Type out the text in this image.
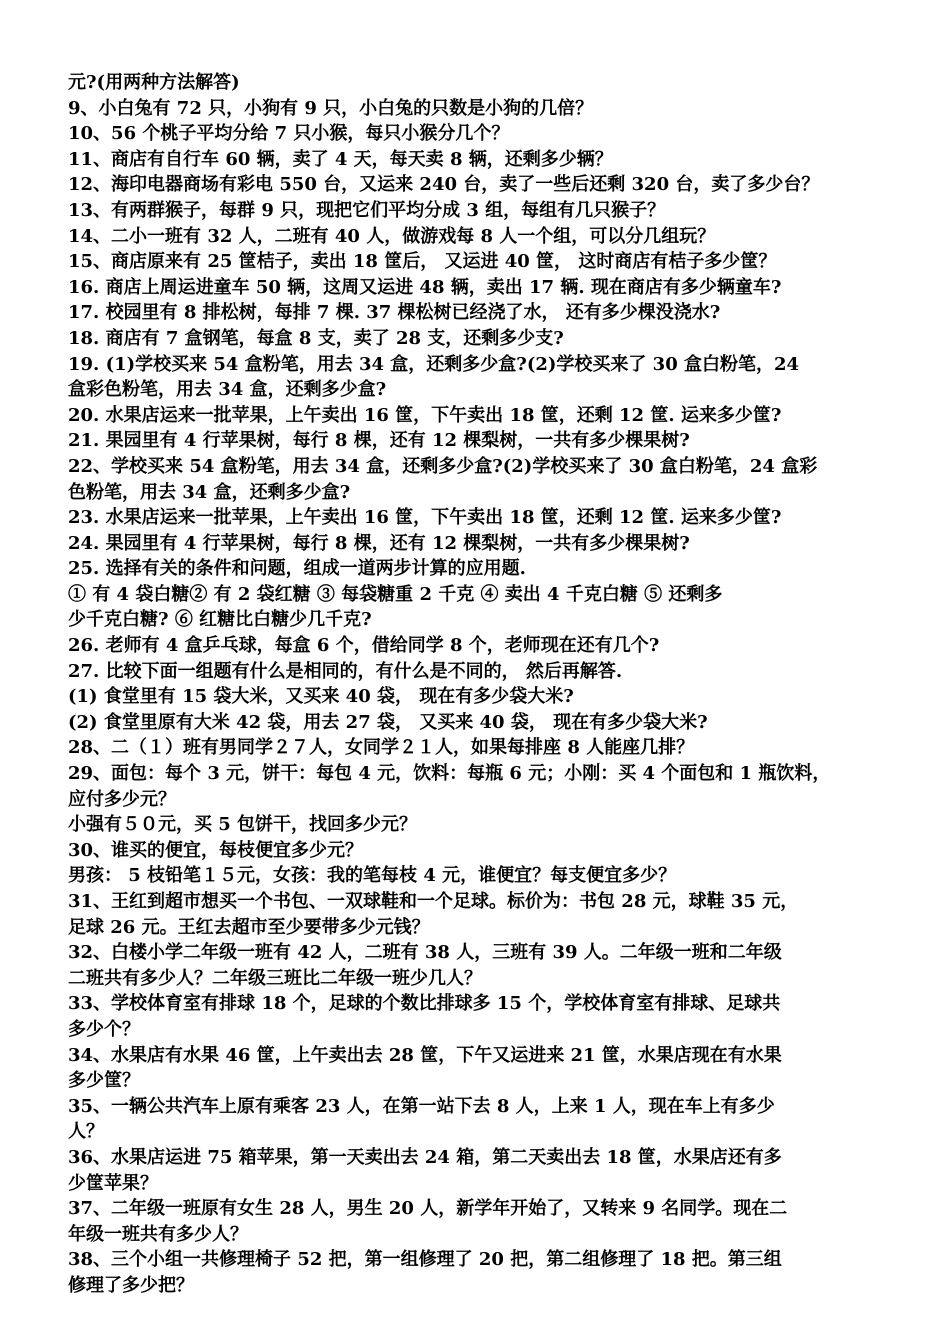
元?(用两种方法解答)
9、小白兔有 72 只，小狗有 9 只，小白兔的只数是小狗的几倍？
10、56 个桃子平均分给 7 只小猴，每只小猴分几个？
11、商店有自行车 60 辆，卖了 4 天，每天卖 8 辆，还剩多少辆？
12、海印电器商场有彩电 550 台，又运来 240 台，卖了一些后还剩 320 台，卖了多少台？
13、有两群猴子，每群 9 只，现把它们平均分成 3 组，每组有几只猴子？
14、二小一班有 32 人，二班有 40 人，做游戏每 8 人一个组，可以分几组玩？
15、商店原来有 25 筐桔子，卖出 18 筐后， 又运进 40 筐， 这时商店有桔子多少筐？
16. 商店上周运进童车 50 辆，这周又运进 48 辆，卖出 17 辆. 现在商店有多少辆童车?
17. 校园里有 8 排松树，每排 7 棵. 37 棵松树已经浇了水， 还有多少棵没浇水?
18. 商店有 7 盒钢笔，每盒 8 支，卖了 28 支，还剩多少支?
19. (1)学校买来 54 盒粉笔，用去 34 盒，还剩多少盒?(2)学校买来了 30 盒白粉笔，24
盒彩色粉笔，用去 34 盒，还剩多少盒?
20. 水果店运来一批苹果，上午卖出 16 筐，下午卖出 18 筐，还剩 12 筐. 运来多少筐?
21. 果园里有 4 行苹果树，每行 8 棵，还有 12 棵梨树，一共有多少棵果树?
22、学校买来 54 盒粉笔，用去 34 盒，还剩多少盒?(2)学校买来了 30 盒白粉笔，24 盒彩
色粉笔，用去 34 盒，还剩多少盒?
23. 水果店运来一批苹果，上午卖出 16 筐，下午卖出 18 筐，还剩 12 筐. 运来多少筐?
24. 果园里有 4 行苹果树，每行 8 棵，还有 12 棵梨树，一共有多少棵果树?
25. 选择有关的条件和问题，组成一道两步计算的应用题.
① 有 4 袋白糖② 有 2 袋红糖 ③ 每袋糖重 2 千克 ④ 卖出 4 千克白糖 ⑤ 还剩多
少千克白糖? ⑥ 红糖比白糖少几千克?
26. 老师有 4 盒乒乓球，每盒 6 个，借给同学 8 个，老师现在还有几个?
27. 比较下面一组题有什么是相同的，有什么是不同的， 然后再解答.
(1) 食堂里有 15 袋大米，又买来 40 袋， 现在有多少袋大米?
(2) 食堂里原有大米 42 袋，用去 27 袋， 又买来 40 袋， 现在有多少袋大米?
28、二（１）班有男同学２７人，女同学２１人，如果每排座 8 人能座几排？
29、面包：每个 3 元，饼干：每包 4 元，饮料：每瓶 6 元；小刚：买 4 个面包和 1 瓶饮料，
应付多少元？
小强有５０元，买 5 包饼干，找回多少元？
30、谁买的便宜，每枝便宜多少元？
男孩： 5 枝铅笔１５元，女孩：我的笔每枝 4 元，谁便宜？每支便宜多少？
31、王红到超市想买一个书包、一双球鞋和一个足球。标价为：书包 28 元，球鞋 35 元，
足球 26 元。王红去超市至少要带多少元钱？
32、白楼小学二年级一班有 42 人，二班有 38 人，三班有 39 人。二年级一班和二年级
二班共有多少人？二年级三班比二年级一班少几人？
33、学校体育室有排球 18 个，足球的个数比排球多 15 个，学校体育室有排球、足球共
多少个？
34、水果店有水果 46 筐，上午卖出去 28 筐，下午又运进来 21 筐，水果店现在有水果
多少筐？
35、一辆公共汽车上原有乘客 23 人，在第一站下去 8 人，上来 1 人，现在车上有多少
人？
36、水果店运进 75 箱苹果，第一天卖出去 24 箱，第二天卖出去 18 筐，水果店还有多
少筐苹果？
37、二年级一班原有女生 28 人，男生 20 人，新学年开始了，又转来 9 名同学。现在二
年级一班共有多少人？
38、三个小组一共修理椅子 52 把，第一组修理了 20 把，第二组修理了 18 把。第三组
修理了多少把？
